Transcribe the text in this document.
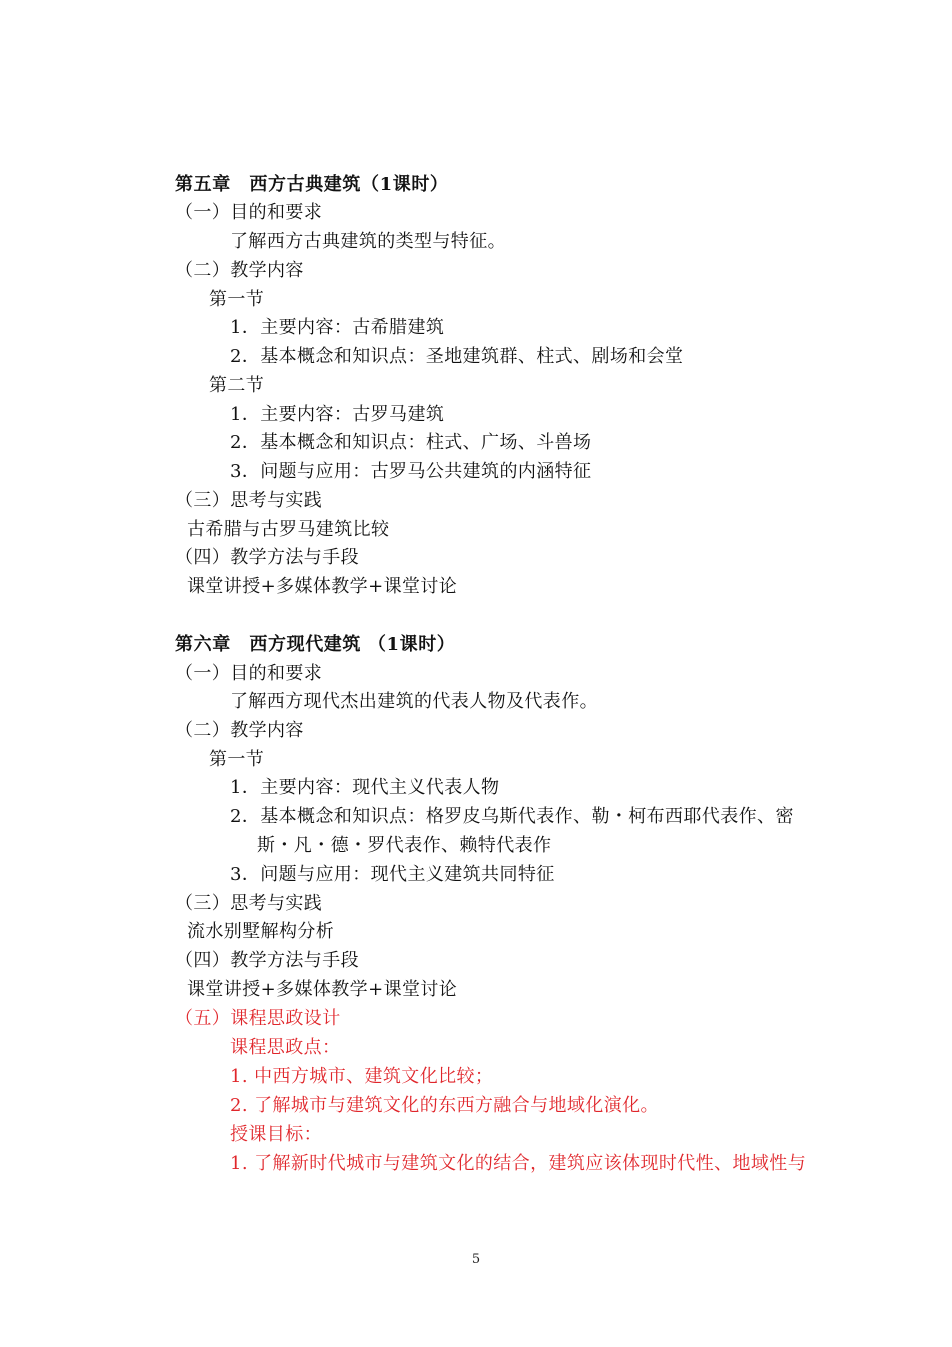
第五章　西方古典建筑（1课时）
（一）目的和要求
了解西方古典建筑的类型与特征。
（二）教学内容
第一节
1．主要内容：古希腊建筑
2．基本概念和知识点：圣地建筑群、柱式、剧场和会堂
第二节
1．主要内容：古罗马建筑
2．基本概念和知识点：柱式、广场、斗兽场
3．问题与应用：古罗马公共建筑的内涵特征
（三）思考与实践
古希腊与古罗马建筑比较
（四）教学方法与手段
课堂讲授+多媒体教学+课堂讨论
第六章　西方现代建筑 （1课时）
（一）目的和要求
了解西方现代杰出建筑的代表人物及代表作。
（二）教学内容
第一节
1．主要内容：现代主义代表人物
2．基本概念和知识点：格罗皮乌斯代表作、勒・柯布西耶代表作、密
斯・凡・德・罗代表作、赖特代表作
3．问题与应用：现代主义建筑共同特征
（三）思考与实践
流水别墅解构分析
（四）教学方法与手段
课堂讲授+多媒体教学+课堂讨论
（五）课程思政设计
课程思政点：
1. 中西方城市、建筑文化比较；
2. 了解城市与建筑文化的东西方融合与地域化演化。
授课目标：
1. 了解新时代城市与建筑文化的结合，建筑应该体现时代性、地域性与
5
